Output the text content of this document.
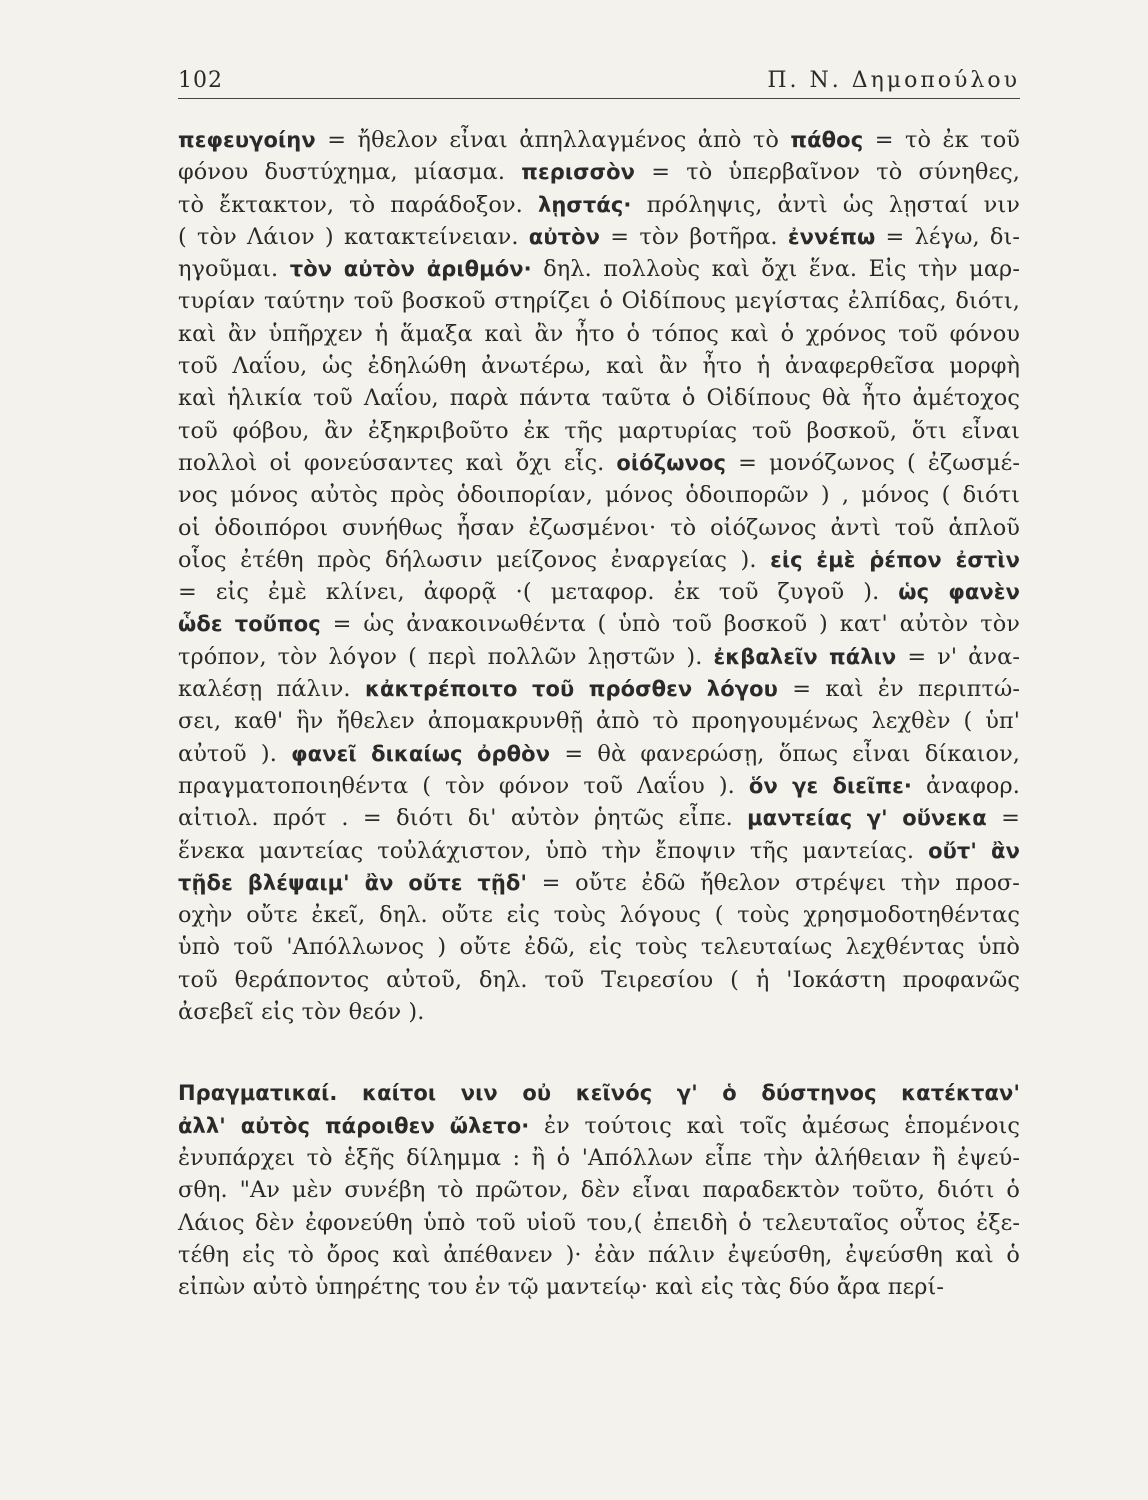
102	Π. Ν. Δημοπούλου

πεφευγοίην = ἤθελον εἶναι ἀπηλλαγμένος ἀπὸ τὸ πάθος = τὸ ἐκ τοῦ
φόνου δυστύχημα, μίασμα. περισσὸν = τὸ ὑπερβαῖνον τὸ σύνηθες,
τὸ ἔκτακτον, τὸ παράδοξον. λῃστάς· πρόληψις, ἀντὶ ὡς λῃσταί νιν
( τὸν Λάιον ) κατακτείνειαν. αὐτὸν = τὸν βοτῆρα. ἐννέπω = λέγω, δι-
ηγοῦμαι. τὸν αὐτὸν ἀριθμόν· δηλ. πολλοὺς καὶ ὄχι ἕνα. Εἰς τὴν μαρ-
τυρίαν ταύτην τοῦ βοσκοῦ στηρίζει ὁ Οἰδίπους μεγίστας ἐλπίδας, διότι,
καὶ ἂν ὑπῆρχεν ἡ ἅμαξα καὶ ἂν ἦτο ὁ τόπος καὶ ὁ χρόνος τοῦ φόνου
τοῦ Λαΐου, ὡς ἐδηλώθη ἀνωτέρω, καὶ ἂν ἦτο ἡ ἀναφερθεῖσα μορφὴ
καὶ ἡλικία τοῦ Λαΐου, παρὰ πάντα ταῦτα ὁ Οἰδίπους θὰ ἦτο ἀμέτοχος
τοῦ φόβου, ἂν ἐξηκριβοῦτο ἐκ τῆς μαρτυρίας τοῦ βοσκοῦ, ὅτι εἶναι
πολλοὶ οἱ φονεύσαντες καὶ ὄχι εἷς. οἰόζωνος = μονόζωνος ( ἐζωσμέ-
νος μόνος αὐτὸς πρὸς ὁδοιπορίαν, μόνος ὁδοιπορῶν ) , μόνος ( διότι
οἱ ὁδοιπόροι συνήθως ἦσαν ἐζωσμένοι· τὸ οἰόζωνος ἀντὶ τοῦ ἁπλοῦ
οἷος ἐτέθη πρὸς δήλωσιν μείζονος ἐναργείας ). εἰς ἐμὲ ῥέπον ἐστὶν
= εἰς ἐμὲ κλίνει, ἀφορᾷ ·( μεταφορ. ἐκ τοῦ ζυγοῦ ). ὡς φανὲν
ὧδε τοὔπος = ὡς ἀνακοινωθέντα ( ὑπὸ τοῦ βοσκοῦ ) κατ' αὐτὸν τὸν
τρόπον, τὸν λόγον ( περὶ πολλῶν λῃστῶν ). ἐκβαλεῖν πάλιν = ν' ἀνα-
καλέσῃ πάλιν. κἀκτρέποιτο τοῦ πρόσθεν λόγου = καὶ ἐν περιπτώ-
σει, καθ' ἣν ἤθελεν ἀπομακρυνθῇ ἀπὸ τὸ προηγουμένως λεχθὲν ( ὑπ'
αὐτοῦ ). φανεῖ δικαίως ὀρθὸν = θὰ φανερώσῃ, ὅπως εἶναι δίκαιον,
πραγματοποιηθέντα ( τὸν φόνον τοῦ Λαΐου ). ὅν γε διεῖπε· ἀναφορ.
αἰτιολ. πρότ . = διότι δι' αὐτὸν ῥητῶς εἶπε. μαντείας γ' οὕνεκα =
ἕνεκα μαντείας τοὐλάχιστον, ὑπὸ τὴν ἔποψιν τῆς μαντείας. οὔτ' ἂν
τῇδε βλέψαιμ' ἂν οὔτε τῇδ' = οὔτε ἐδῶ ἤθελον στρέψει τὴν προσ-
οχὴν οὔτε ἐκεῖ, δηλ. οὔτε εἰς τοὺς λόγους ( τοὺς χρησμοδοτηθέντας
ὑπὸ τοῦ 'Απόλλωνος ) οὔτε ἐδῶ, εἰς τοὺς τελευταίως λεχθέντας ὑπὸ
τοῦ θεράποντος αὐτοῦ, δηλ. τοῦ Τειρεσίου ( ἡ 'Ιοκάστη προφανῶς
ἀσεβεῖ εἰς τὸν θεόν ).

Πραγματικαί. καίτοι νιν οὐ κεῖνός γ' ὁ δύστηνος κατέκταν'
ἀλλ' αὐτὸς πάροιθεν ὤλετο· ἐν τούτοις καὶ τοῖς ἀμέσως ἑπομένοις
ἐνυπάρχει τὸ ἑξῆς δίλημμα : ἢ ὁ 'Απόλλων εἶπε τὴν ἀλήθειαν ἢ ἐψεύ-
σθη. "Αν μὲν συνέβη τὸ πρῶτον, δὲν εἶναι παραδεκτὸν τοῦτο, διότι ὁ
Λάιος δὲν ἐφονεύθη ὑπὸ τοῦ υἱοῦ του,( ἐπειδὴ ὁ τελευταῖος οὗτος ἐξε-
τέθη εἰς τὸ ὄρος καὶ ἀπέθανεν )· ἐὰν πάλιν ἐψεύσθη, ἐψεύσθη καὶ ὁ
εἰπὼν αὐτὸ ὑπηρέτης του ἐν τῷ μαντείῳ· καὶ εἰς τὰς δύο ἄρα περί-
